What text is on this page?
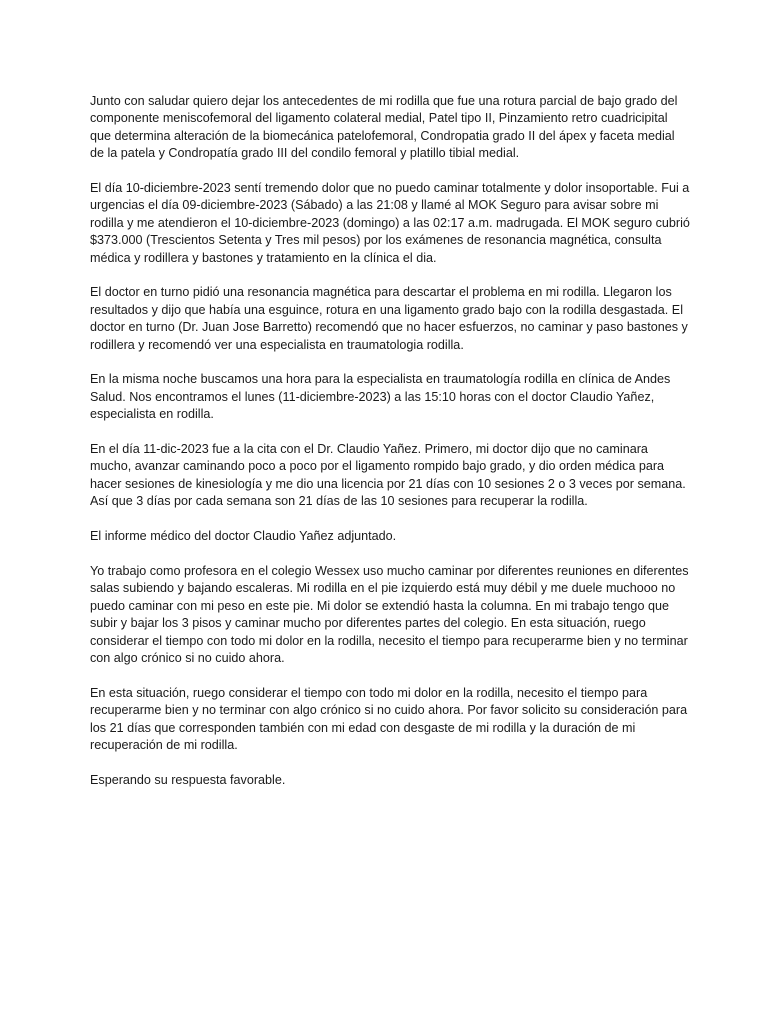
Junto con saludar quiero dejar los antecedentes de mi rodilla que fue una rotura parcial de bajo grado del componente meniscofemoral del ligamento colateral medial, Patel tipo II, Pinzamiento retro cuadricipital que determina alteración de la biomecánica patelofemoral, Condropatia grado II del ápex y faceta medial de la patela y Condropatía grado III del condilo femoral y platillo tibial medial.

El día 10-diciembre-2023 sentí tremendo dolor que no puedo caminar totalmente y dolor insoportable. Fui a urgencias el día 09-diciembre-2023 (Sábado) a las 21:08 y llamé al MOK Seguro para avisar sobre mi rodilla y me atendieron el 10-diciembre-2023 (domingo) a las 02:17 a.m. madrugada. El MOK seguro cubrió $373.000 (Trescientos Setenta y Tres mil pesos) por los exámenes de resonancia magnética, consulta médica y rodillera y bastones y tratamiento en la clínica el dia.

El doctor en turno pidió una resonancia magnética para descartar el problema en mi rodilla. Llegaron los resultados y dijo que había una esguince, rotura en una ligamento grado bajo con la rodilla desgastada. El doctor en turno (Dr. Juan Jose Barretto) recomendó que no hacer esfuerzos, no caminar y paso bastones y rodillera y recomendó ver una especialista en traumatologia rodilla.

En la misma noche buscamos una hora para la especialista en traumatología rodilla en clínica de Andes Salud. Nos encontramos el lunes (11-diciembre-2023) a las 15:10 horas con el doctor Claudio Yañez, especialista en rodilla.

En el día 11-dic-2023 fue a la cita con el Dr. Claudio Yañez. Primero, mi doctor dijo que no caminara mucho, avanzar caminando poco a poco por el ligamento rompido bajo grado, y dio orden médica para hacer sesiones de kinesiología y me dio una licencia por 21 días con 10 sesiones 2 o 3 veces por semana. Así que 3 días por cada semana son 21 días de las 10 sesiones para recuperar la rodilla.

El informe médico del doctor Claudio Yañez adjuntado.

Yo trabajo como profesora en el colegio Wessex uso mucho caminar por diferentes reuniones en diferentes salas subiendo y bajando escaleras. Mi rodilla en el pie izquierdo está muy débil y me duele muchooo no puedo caminar con mi peso en este pie. Mi dolor se extendió hasta la columna. En mi trabajo tengo que subir y bajar los 3 pisos y caminar mucho por diferentes partes del colegio. En esta situación, ruego considerar el tiempo con todo mi dolor en la rodilla, necesito el tiempo para recuperarme bien y no terminar con algo crónico si no cuido ahora.

En esta situación, ruego considerar el tiempo con todo mi dolor en la rodilla, necesito el tiempo para recuperarme bien y no terminar con algo crónico si no cuido ahora. Por favor solicito su consideración para los 21 días que corresponden también con mi edad con desgaste de mi rodilla y la duración de mi recuperación de mi rodilla.

Esperando su respuesta favorable.
